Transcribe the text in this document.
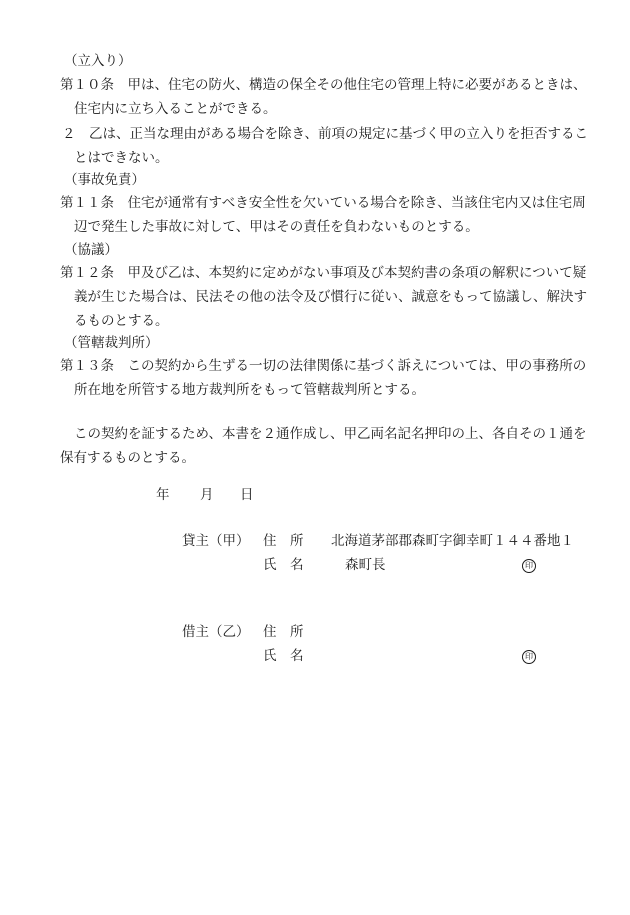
（立入り）
第１０条　甲は、住宅の防火、構造の保全その他住宅の管理上特に必要があるときは、
住宅内に立ち入ることができる。
２　乙は、正当な理由がある場合を除き、前項の規定に基づく甲の立入りを拒否するこ
とはできない。
（事故免責）
第１１条　住宅が通常有すべき安全性を欠いている場合を除き、当該住宅内又は住宅周
辺で発生した事故に対して、甲はその責任を負わないものとする。
（協議）
第１２条　甲及び乙は、本契約に定めがない事項及び本契約書の条項の解釈について疑
義が生じた場合は、民法その他の法令及び慣行に従い、誠意をもって協議し、解決す
るものとする。
（管轄裁判所）
第１３条　この契約から生ずる一切の法律関係に基づく訴えについては、甲の事務所の
所在地を所管する地方裁判所をもって管轄裁判所とする。
この契約を証するため、本書を２通作成し、甲乙両名記名押印の上、各自その１通を
保有するものとする。
年 月 日
貸主（甲） 住　所 北海道茅部郡森町字御幸町１４４番地１
氏　名	森町長	印
借主（乙） 住　所
氏　名	印
